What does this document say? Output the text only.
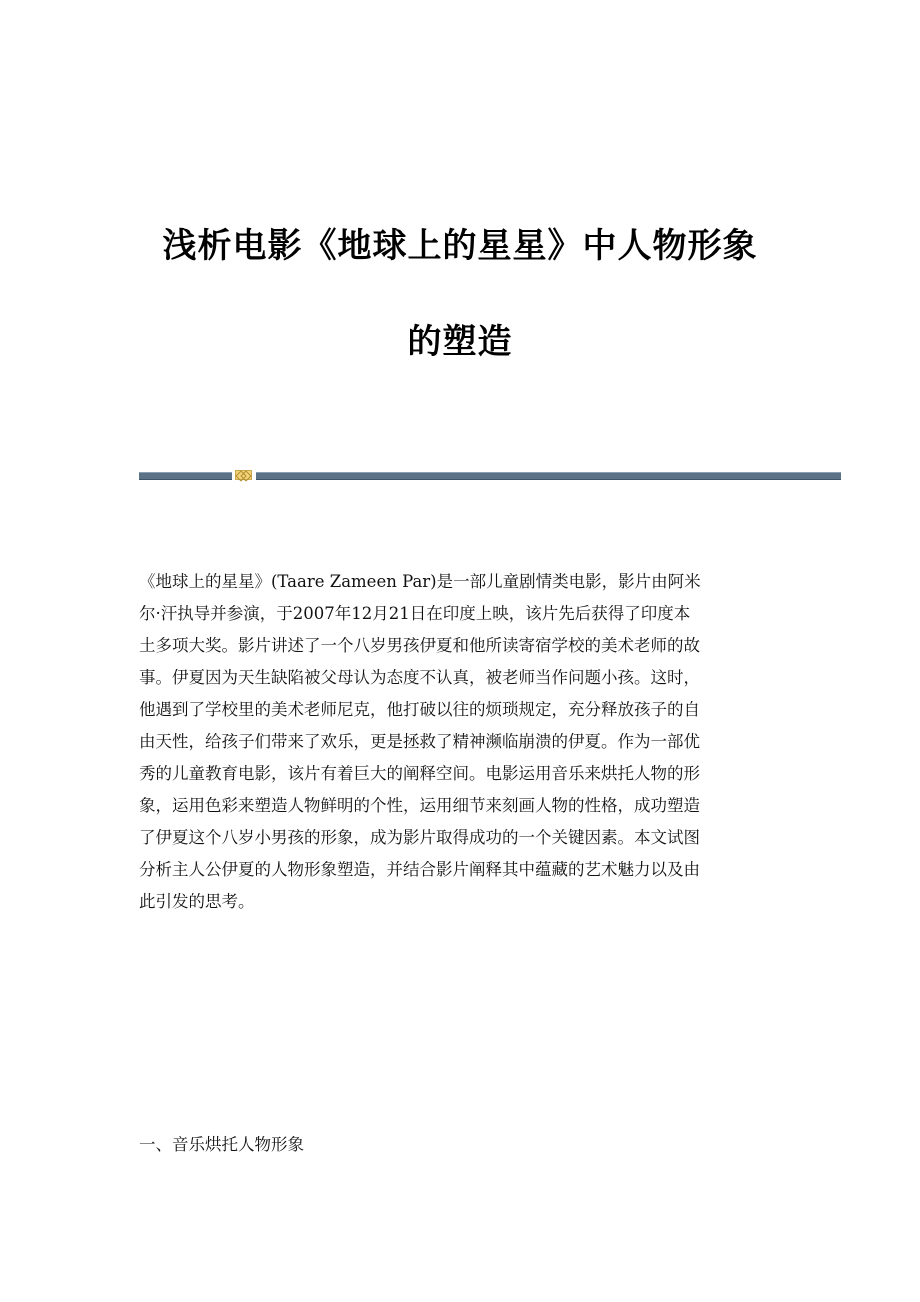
浅析电影《地球上的星星》中人物形象
的塑造
《地球上的星星》(Taare Zameen Par)是一部儿童剧情类电影，影片由阿米
尔·汗执导并参演，于2007年12月21日在印度上映，该片先后获得了印度本
土多项大奖。影片讲述了一个八岁男孩伊夏和他所读寄宿学校的美术老师的故
事。伊夏因为天生缺陷被父母认为态度不认真，被老师当作问题小孩。这时，
他遇到了学校里的美术老师尼克，他打破以往的烦琐规定，充分释放孩子的自
由天性，给孩子们带来了欢乐，更是拯救了精神濒临崩溃的伊夏。作为一部优
秀的儿童教育电影，该片有着巨大的阐释空间。电影运用音乐来烘托人物的形
象，运用色彩来塑造人物鲜明的个性，运用细节来刻画人物的性格，成功塑造
了伊夏这个八岁小男孩的形象，成为影片取得成功的一个关键因素。本文试图
分析主人公伊夏的人物形象塑造，并结合影片阐释其中蕴藏的艺术魅力以及由
此引发的思考。
一、音乐烘托人物形象
